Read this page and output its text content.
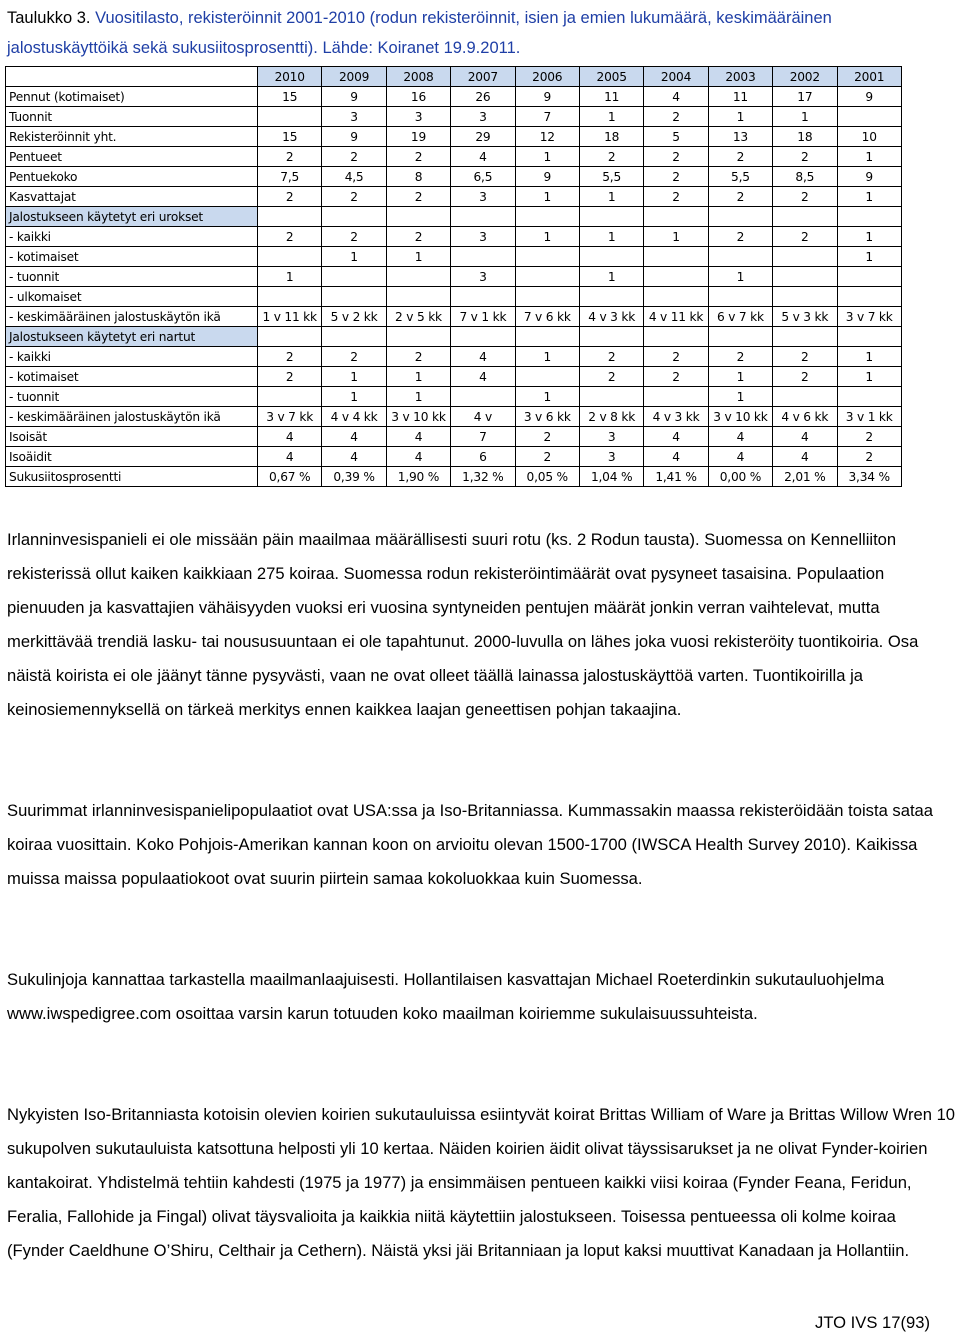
Taulukko 3. Vuositilasto, rekisteröinnit 2001-2010 (rodun rekisteröinnit, isien ja emien lukumäärä, keskimääräinen jalostuskäyttöikä sekä sukusiitosprosentti). Lähde: Koiranet 19.9.2011.
	2010	2009	2008	2007	2006	2005	2004	2003	2002	2001
Pennut (kotimaiset)	15	9	16	26	9	11	4	11	17	9
Tuonnit		3	3	3	7	1	2	1	1	
Rekisteröinnit yht.	15	9	19	29	12	18	5	13	18	10
Pentueet	2	2	2	4	1	2	2	2	2	1
Pentuekoko	7,5	4,5	8	6,5	9	5,5	2	5,5	8,5	9
Kasvattajat	2	2	2	3	1	1	2	2	2	1
Jalostukseen käytetyt eri urokset										
- kaikki	2	2	2	3	1	1	1	2	2	1
- kotimaiset		1	1							1
- tuonnit	1			3		1		1		
- ulkomaiset										
- keskimääräinen jalostuskäytön ikä	1 v 11 kk	5 v 2 kk	2 v 5 kk	7 v 1 kk	7 v 6 kk	4 v 3 kk	4 v 11 kk	6 v 7 kk	5 v 3 kk	3 v 7 kk
Jalostukseen käytetyt eri nartut										
- kaikki	2	2	2	4	1	2	2	2	2	1
- kotimaiset	2	1	1	4		2	2	1	2	1
- tuonnit		1	1		1			1		
- keskimääräinen jalostuskäytön ikä	3 v 7 kk	4 v 4 kk	3 v 10 kk	4 v	3 v 6 kk	2 v 8 kk	4 v 3 kk	3 v 10 kk	4 v 6 kk	3 v 1 kk
Isoisät	4	4	4	7	2	3	4	4	4	2
Isoäidit	4	4	4	6	2	3	4	4	4	2
Sukusiitosprosentti	0,67 %	0,39 %	1,90 %	1,32 %	0,05 %	1,04 %	1,41 %	0,00 %	2,01 %	3,34 %

Irlanninvesispanieli ei ole missään päin maailmaa määrällisesti suuri rotu (ks. 2 Rodun tausta). Suomessa on Kennelliiton rekisterissä ollut kaiken kaikkiaan 275 koiraa. Suomessa rodun rekisteröintimäärät ovat pysyneet tasaisina. Populaation pienuuden ja kasvattajien vähäisyyden vuoksi eri vuosina syntyneiden pentujen määrät jonkin verran vaihtelevat, mutta merkittävää trendiä lasku- tai noususuuntaan ei ole tapahtunut. 2000-luvulla on lähes joka vuosi rekisteröity tuontikoiria. Osa näistä koirista ei ole jäänyt tänne pysyvästi, vaan ne ovat olleet täällä lainassa jalostuskäyttöä varten. Tuontikoirilla ja keinosiemennyksellä on tärkeä merkitys ennen kaikkea laajan geneettisen pohjan takaajina.

Suurimmat irlanninvesispanielipopulaatiot ovat USA:ssa ja Iso-Britanniassa. Kummassakin maassa rekisteröidään toista sataa koiraa vuosittain. Koko Pohjois-Amerikan kannan koon on arvioitu olevan 1500-1700 (IWSCA Health Survey 2010). Kaikissa muissa maissa populaatiokoot ovat suurin piirtein samaa kokoluokkaa kuin Suomessa.

Sukulinjoja kannattaa tarkastella maailmanlaajuisesti. Hollantilaisen kasvattajan Michael Roeterdinkin sukutauluohjelma www.iwspedigree.com osoittaa varsin karun totuuden koko maailman koiriemme sukulaisuussuhteista.

Nykyisten Iso-Britanniasta kotoisin olevien koirien sukutauluissa esiintyvät koirat Brittas William of Ware ja Brittas Willow Wren 10 sukupolven sukutauluista katsottuna helposti yli 10 kertaa. Näiden koirien äidit olivat täyssisarukset ja ne olivat Fynder-koirien kantakoirat. Yhdistelmä tehtiin kahdesti (1975 ja 1977) ja ensimmäisen pentueen kaikki viisi koiraa (Fynder Feana, Feridun, Feralia, Fallohide ja Fingal) olivat täysvalioita ja kaikkia niitä käytettiin jalostukseen. Toisessa pentueessa oli kolme koiraa (Fynder Caeldhune O’Shiru, Celthair ja Cethern). Näistä yksi jäi Britanniaan ja loput kaksi muuttivat Kanadaan ja Hollantiin.

JTO IVS 17(93)
